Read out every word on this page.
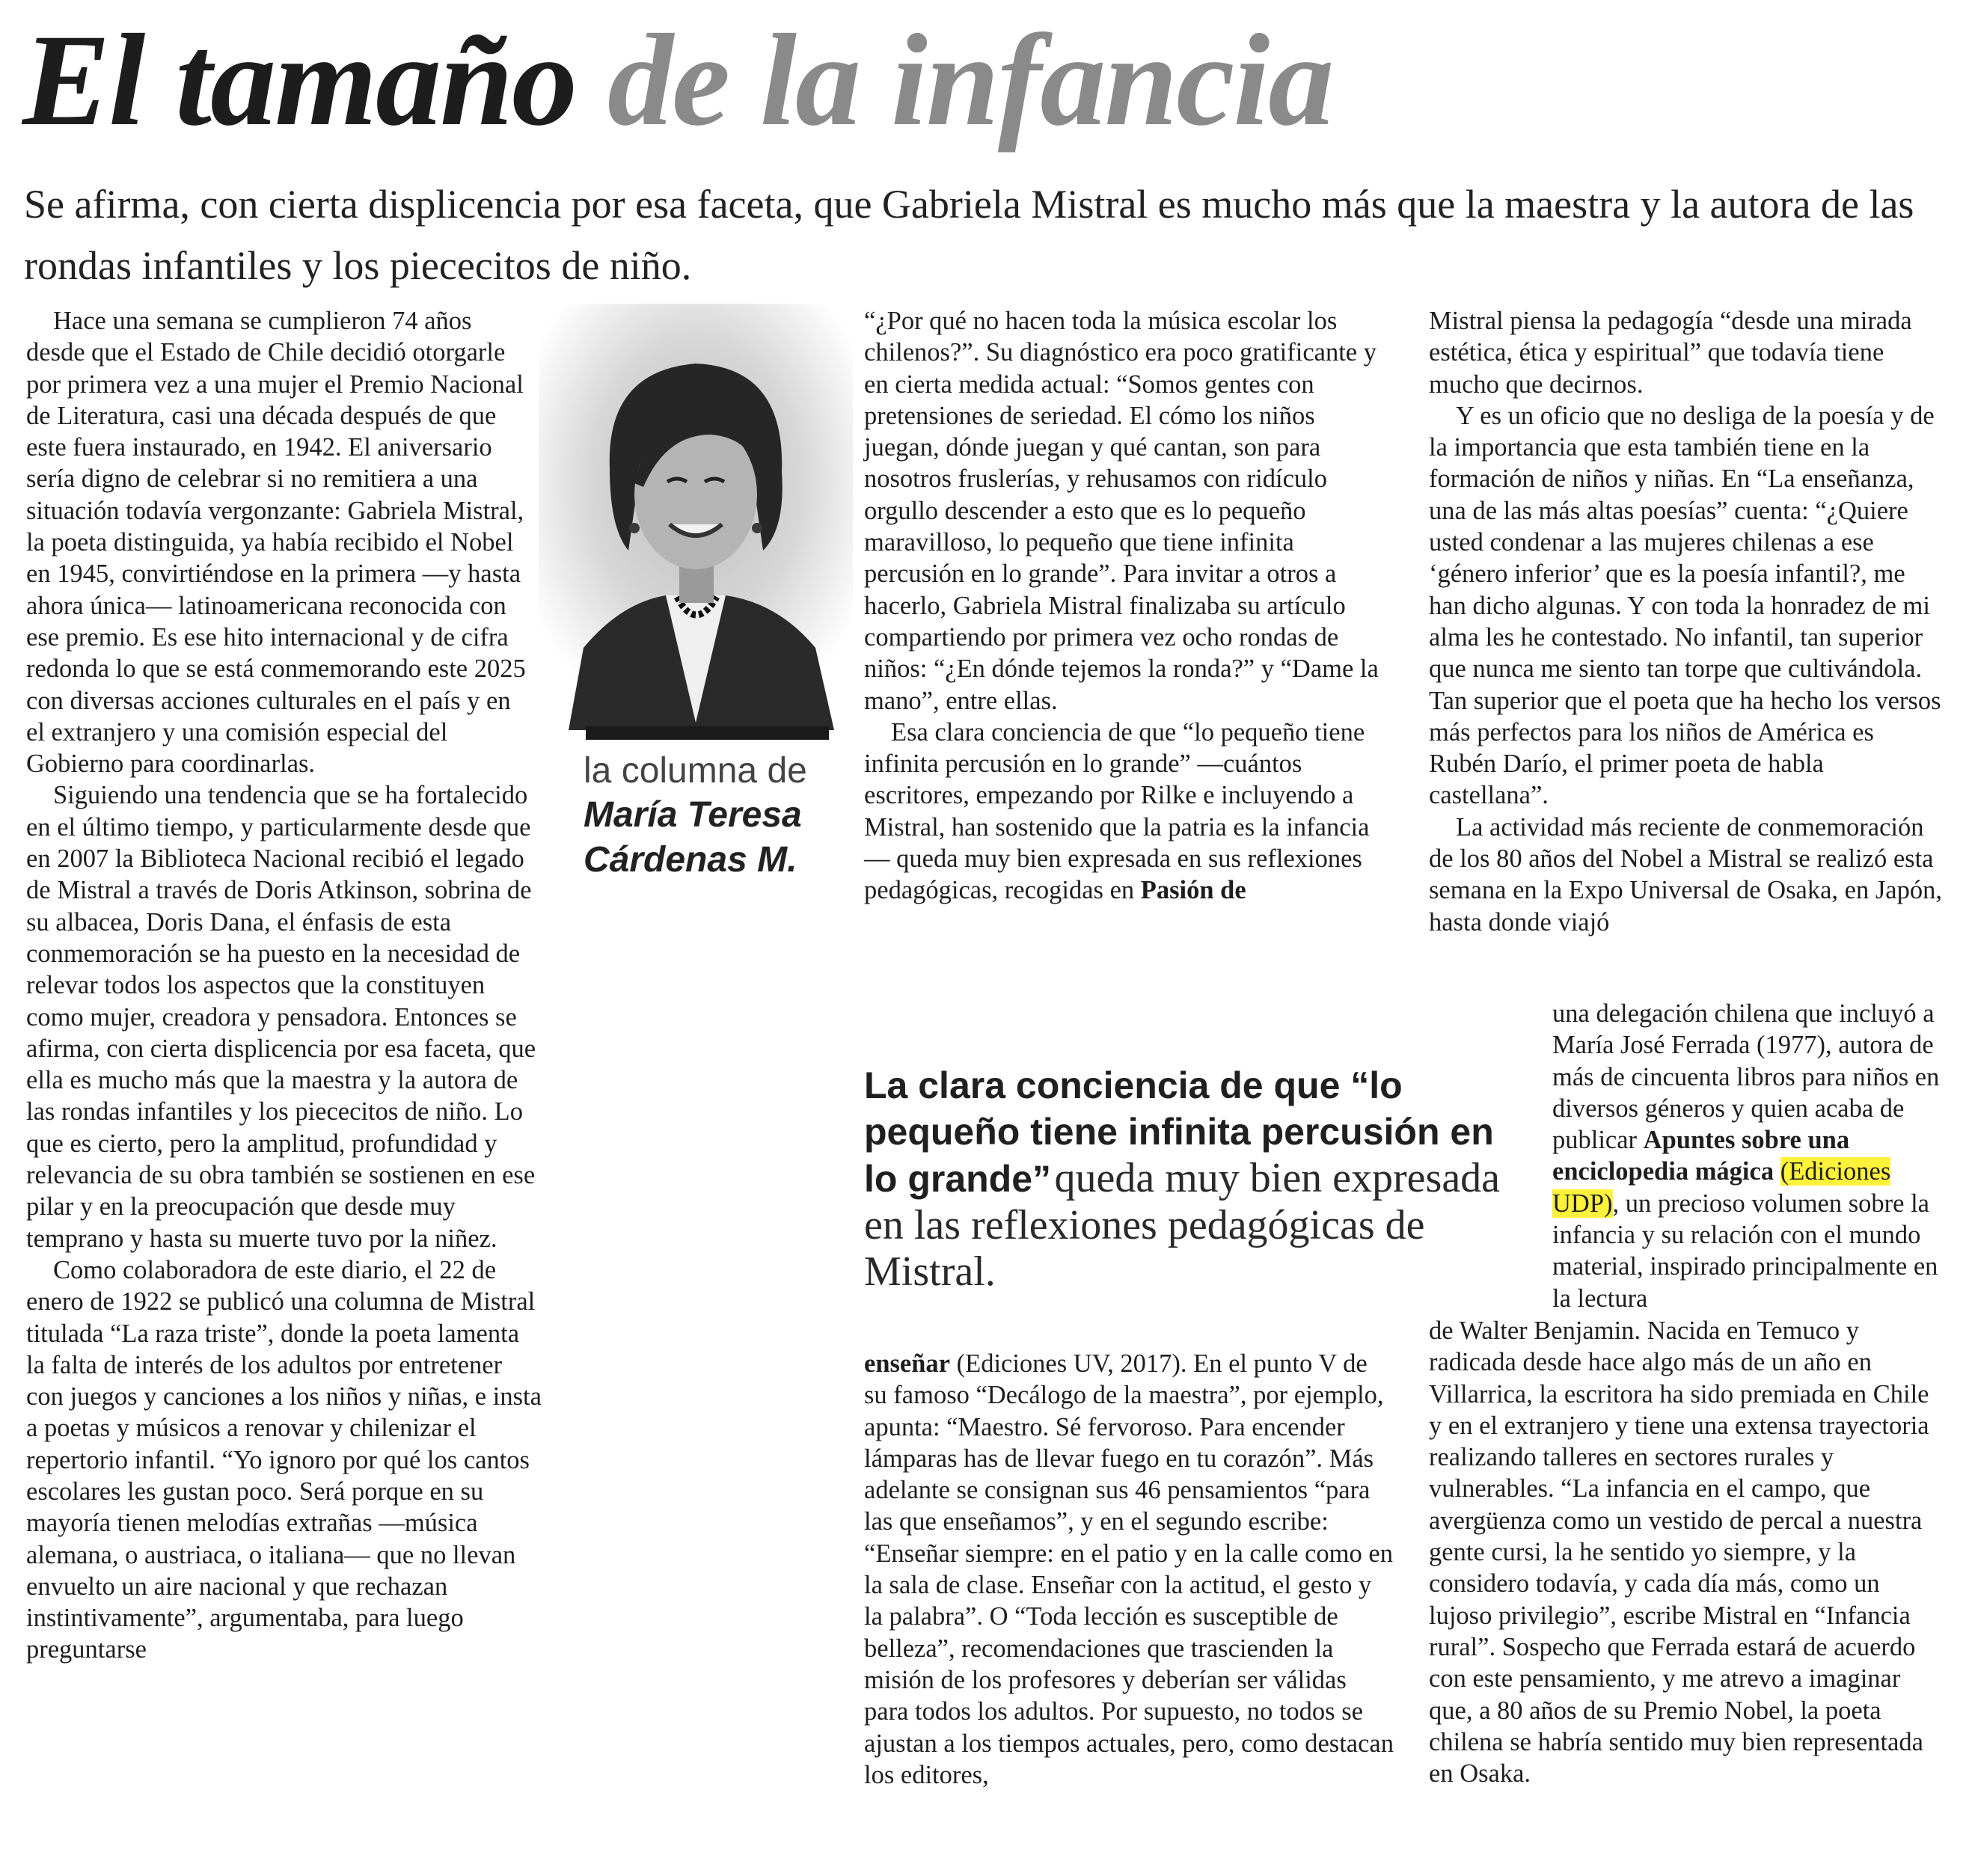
El tamaño de la infancia

Se afirma, con cierta displicencia por esa faceta, que Gabriela Mistral es mucho más que la maestra y la autora de las rondas infantiles y los piececitos de niño.

Hace una semana se cumplieron 74 años desde que el Estado de Chile decidió otorgarle por primera vez a una mujer el Premio Nacional de Literatura, casi una década después de que este fuera instaurado, en 1942. El aniversario sería digno de celebrar si no remitiera a una situación todavía vergonzante: Gabriela Mistral, la poeta distinguida, ya había recibido el Nobel en 1945, convirtiéndose en la primera —y hasta ahora única— latinoamericana reconocida con ese premio. Es ese hito internacional y de cifra redonda lo que se está conmemorando este 2025 con diversas acciones culturales en el país y en el extranjero y una comisión especial del Gobierno para coordinarlas.

Siguiendo una tendencia que se ha fortalecido en el último tiempo, y particularmente desde que en 2007 la Biblioteca Nacional recibió el legado de Mistral a través de Doris Atkinson, sobrina de su albacea, Doris Dana, el énfasis de esta conmemoración se ha puesto en la necesidad de relevar todos los aspectos que la constituyen como mujer, creadora y pensadora. Entonces se afirma, con cierta displicencia por esa faceta, que ella es mucho más que la maestra y la autora de las rondas infantiles y los piececitos de niño. Lo que es cierto, pero la amplitud, profundidad y relevancia de su obra también se sostienen en ese pilar y en la preocupación que desde muy temprano y hasta su muerte tuvo por la niñez.

Como colaboradora de este diario, el 22 de enero de 1922 se publicó una columna de Mistral titulada “La raza triste”, donde la poeta lamenta la falta de interés de los adultos por entretener con juegos y canciones a los niños y niñas, e insta a poetas y músicos a renovar y chilenizar el repertorio infantil. “Yo ignoro por qué los cantos escolares les gustan poco. Será porque en su mayoría tienen melodías extrañas —música alemana, o austriaca, o italiana— que no llevan envuelto un aire nacional y que rechazan instintivamente”, argumentaba, para luego preguntarse

la columna de
María Teresa
Cárdenas M.

“¿Por qué no hacen toda la música escolar los chilenos?”. Su diagnóstico era poco gratificante y en cierta medida actual: “Somos gentes con pretensiones de seriedad. El cómo los niños juegan, dónde juegan y qué cantan, son para nosotros fruslerías, y rehusamos con ridículo orgullo descender a esto que es lo pequeño maravilloso, lo pequeño que tiene infinita percusión en lo grande”. Para invitar a otros a hacerlo, Gabriela Mistral finalizaba su artículo compartiendo por primera vez ocho rondas de niños: “¿En dónde tejemos la ronda?” y “Dame la mano”, entre ellas.

Esa clara conciencia de que “lo pequeño tiene infinita percusión en lo grande” —cuántos escritores, empezando por Rilke e incluyendo a Mistral, han sostenido que la patria es la infancia— queda muy bien expresada en sus reflexiones pedagógicas, recogidas en Pasión de

La clara conciencia de que “lo pequeño tiene infinita percusión en lo grande” queda muy bien expresada en las reflexiones pedagógicas de Mistral.

enseñar (Ediciones UV, 2017). En el punto V de su famoso “Decálogo de la maestra”, por ejemplo, apunta: “Maestro. Sé fervoroso. Para encender lámparas has de llevar fuego en tu corazón”. Más adelante se consignan sus 46 pensamientos “para las que enseñamos”, y en el segundo escribe: “Enseñar siempre: en el patio y en la calle como en la sala de clase. Enseñar con la actitud, el gesto y la palabra”. O “Toda lección es susceptible de belleza”, recomendaciones que trascienden la misión de los profesores y deberían ser válidas para todos los adultos. Por supuesto, no todos se ajustan a los tiempos actuales, pero, como destacan los editores,

Mistral piensa la pedagogía “desde una mirada estética, ética y espiritual” que todavía tiene mucho que decirnos.

Y es un oficio que no desliga de la poesía y de la importancia que esta también tiene en la formación de niños y niñas. En “La enseñanza, una de las más altas poesías” cuenta: “¿Quiere usted condenar a las mujeres chilenas a ese ‘género inferior’ que es la poesía infantil?, me han dicho algunas. Y con toda la honradez de mi alma les he contestado. No infantil, tan superior que nunca me siento tan torpe que cultivándola. Tan superior que el poeta que ha hecho los versos más perfectos para los niños de América es Rubén Darío, el primer poeta de habla castellana”.

La actividad más reciente de conmemoración de los 80 años del Nobel a Mistral se realizó esta semana en la Expo Universal de Osaka, en Japón, hasta donde viajó

una delegación chilena que incluyó a María José Ferrada (1977), autora de más de cincuenta libros para niños en diversos géneros y quien acaba de publicar Apuntes sobre una enciclopedia mágica (Ediciones UDP), un precioso volumen sobre la infancia y su relación con el mundo material, inspirado principalmente en la lectura

de Walter Benjamin. Nacida en Temuco y radicada desde hace algo más de un año en Villarrica, la escritora ha sido premiada en Chile y en el extranjero y tiene una extensa trayectoria realizando talleres en sectores rurales y vulnerables. “La infancia en el campo, que avergüenza como un vestido de percal a nuestra gente cursi, la he sentido yo siempre, y la considero todavía, y cada día más, como un lujoso privilegio”, escribe Mistral en “Infancia rural”. Sospecho que Ferrada estará de acuerdo con este pensamiento, y me atrevo a imaginar que, a 80 años de su Premio Nobel, la poeta chilena se habría sentido muy bien representada en Osaka.
